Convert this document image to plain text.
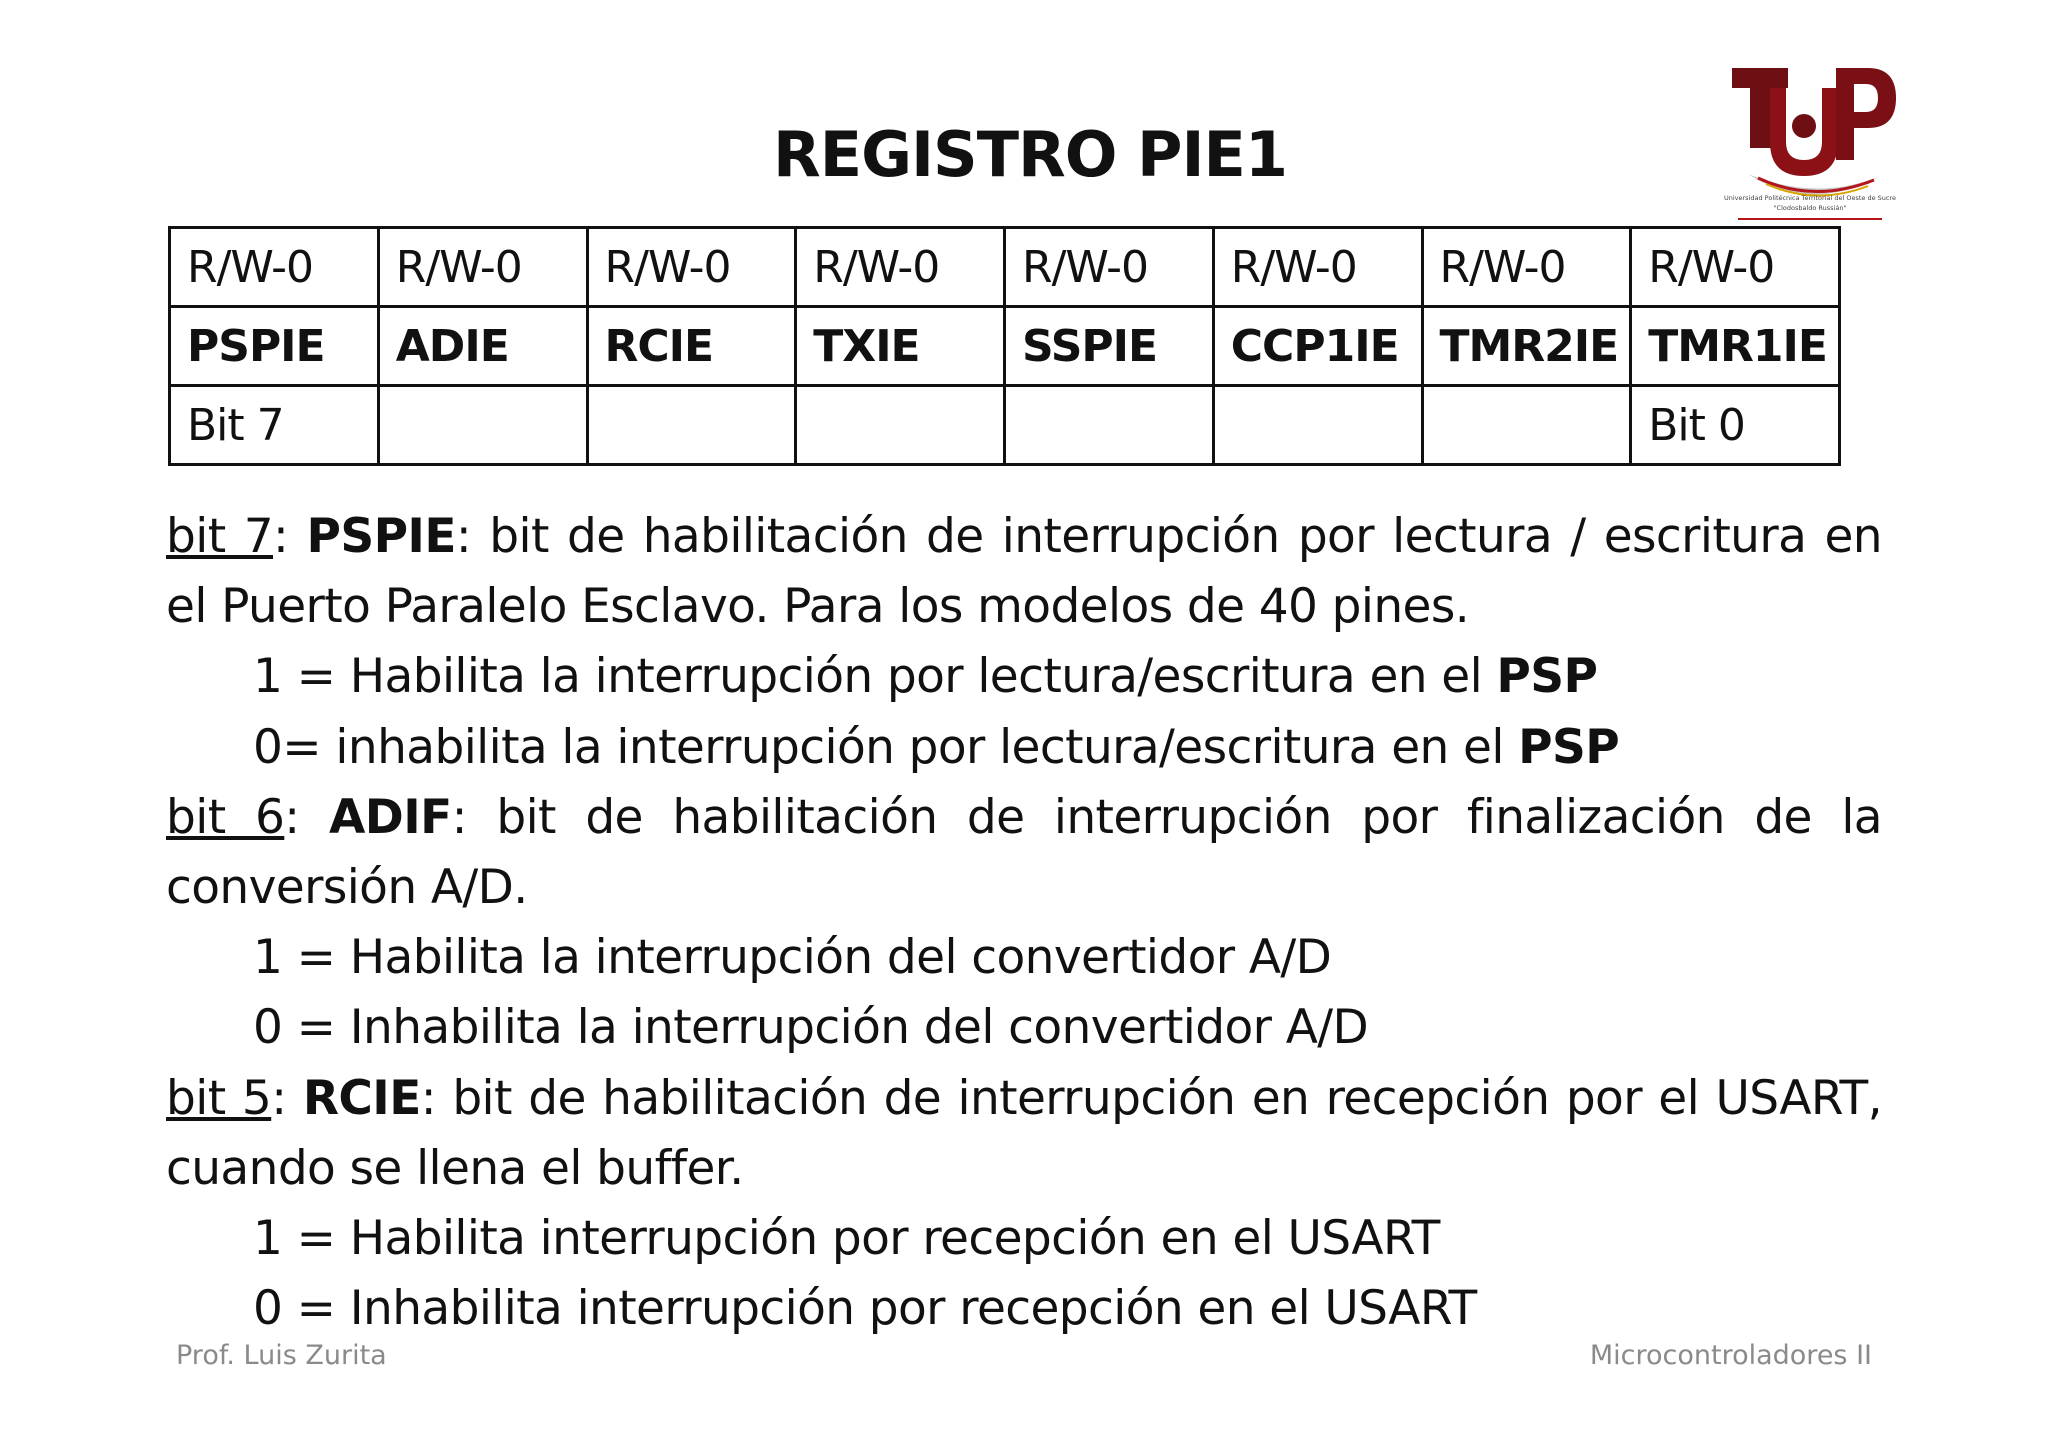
REGISTRO PIE1
Universidad Politécnica Territorial del Oeste de Sucre
"Clodosbaldo Russián"
R/W-0	R/W-0	R/W-0	R/W-0	R/W-0	R/W-0	R/W-0	R/W-0
PSPIE	ADIE	RCIE	TXIE	SSPIE	CCP1IE	TMR2IE	TMR1IE
Bit 7							Bit 0
bit 7: PSPIE: bit de habilitación de interrupción por lectura / escritura en el Puerto Paralelo Esclavo. Para los modelos de 40 pines.
1 = Habilita la interrupción por lectura/escritura en el PSP
0= inhabilita la interrupción por lectura/escritura en el PSP
bit 6: ADIF: bit de habilitación de interrupción por finalización de la conversión A/D.
1 = Habilita la interrupción del convertidor A/D
0 = Inhabilita la interrupción del convertidor A/D
bit 5: RCIE: bit de habilitación de interrupción en recepción por el USART, cuando se llena el buffer.
1 = Habilita interrupción por recepción en el USART
0 = Inhabilita interrupción por recepción en el USART
Prof. Luis Zurita	Microcontroladores II
